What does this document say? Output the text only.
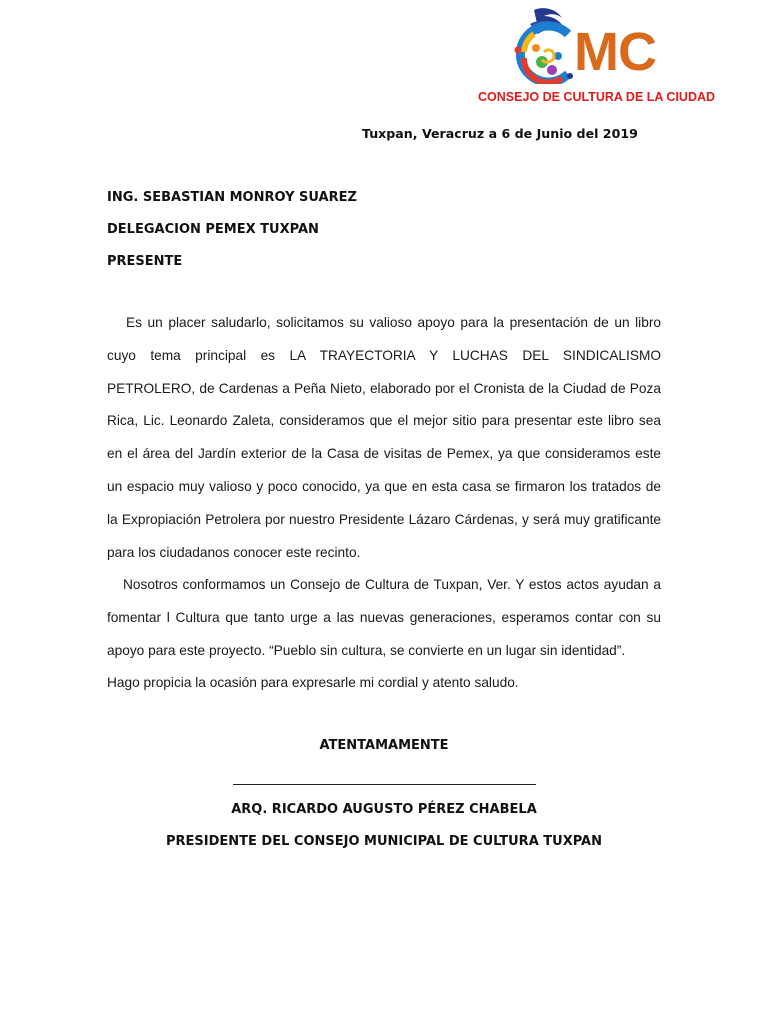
MC
CONSEJO DE CULTURA DE LA CIUDAD
Tuxpan, Veracruz a 6 de Junio del 2019
ING. SEBASTIAN MONROY SUAREZ
DELEGACION PEMEX TUXPAN
PRESENTE
Es un placer saludarlo, solicitamos su valioso apoyo para la presentación de un libro
cuyo tema principal es LA TRAYECTORIA Y LUCHAS DEL SINDICALISMO
PETROLERO, de Cardenas a Peña Nieto, elaborado por el Cronista de la Ciudad de Poza
Rica, Lic. Leonardo Zaleta, consideramos que el mejor sitio para presentar este libro sea
en el área del Jardín exterior de la Casa de visitas de Pemex, ya que consideramos este
un espacio muy valioso y poco conocido, ya que en esta casa se firmaron los tratados de
la Expropiación Petrolera por nuestro Presidente Lázaro Cárdenas, y será muy gratificante
para los ciudadanos conocer este recinto.
Nosotros conformamos un Consejo de Cultura de Tuxpan, Ver. Y estos actos ayudan a
fomentar l Cultura que tanto urge a las nuevas generaciones, esperamos contar con su
apoyo para este proyecto. “Pueblo sin cultura, se convierte en un lugar sin identidad”.
Hago propicia la ocasión para expresarle mi cordial y atento saludo.
ATENTAMAMENTE
ARQ. RICARDO AUGUSTO PÉREZ CHABELA
PRESIDENTE DEL CONSEJO MUNICIPAL DE CULTURA TUXPAN
